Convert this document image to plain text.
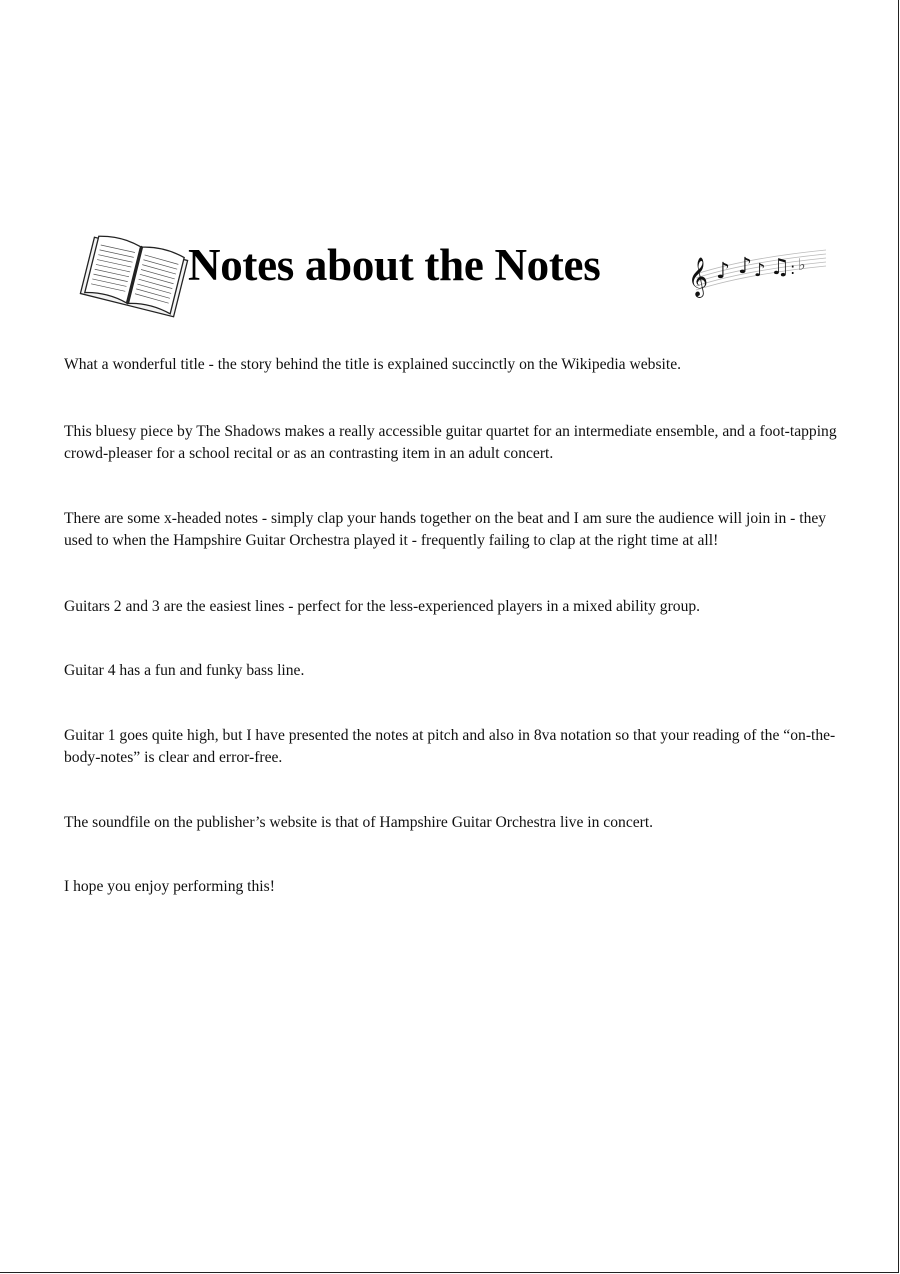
Notes about the Notes	𝄞 ♪ ♪ ♪ ♫ : ♭

What a wonderful title - the story behind the title is explained succinctly on the Wikipedia website.

This bluesy piece by The Shadows makes a really accessible guitar quartet for an intermediate ensemble, and a foot-tapping crowd-pleaser for a school recital or as an contrasting item in an adult concert.

There are some x-headed notes - simply clap your hands together on the beat and I am sure the audience will join in - they used to when the Hampshire Guitar Orchestra played it - frequently failing to clap at the right time at all!

Guitars 2 and 3 are the easiest lines - perfect for the less-experienced players in a mixed ability group.

Guitar 4 has a fun and funky bass line.

Guitar 1 goes quite high, but I have presented the notes at pitch and also in 8va notation so that your reading of the “on-the-body-notes” is clear and error-free.

The soundfile on the publisher’s website is that of Hampshire Guitar Orchestra live in concert.

I hope you enjoy performing this!
